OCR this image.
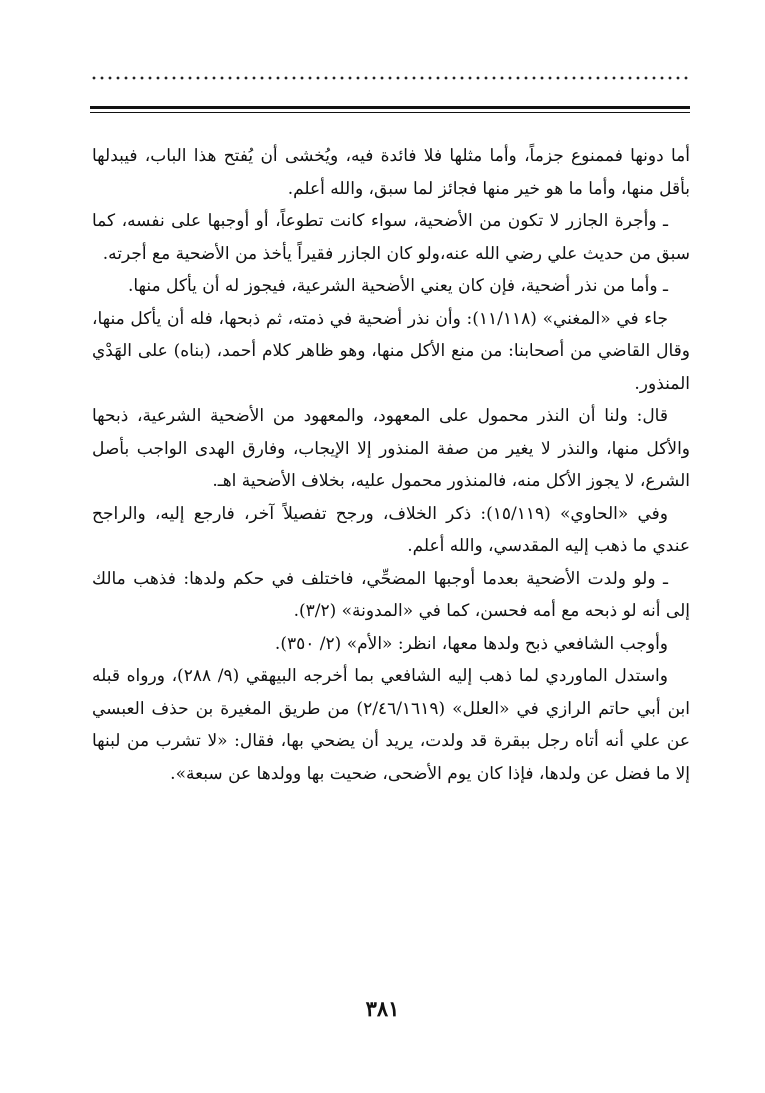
أما دونها فممنوع جزماً، وأما مثلها فلا فائدة فيه، ويُخشى أن يُفتح هذا الباب، فيبدلها بأقل منها، وأما ما هو خير منها فجائز لما سبق، والله أعلم.

ـ وأجرة الجازر لا تكون من الأضحية، سواء كانت تطوعاً، أو أوجبها على نفسه، كما سبق من حديث علي رضي الله عنه،ولو كان الجازر فقيراً يأخذ من الأضحية مع أجرته.

ـ وأما من نذر أضحية، فإن كان يعني الأضحية الشرعية، فيجوز له أن يأكل منها.

جاء في «المغني» (١١/١١٨): وأن نذر أضحية في ذمته، ثم ذبحها، فله أن يأكل منها، وقال القاضي من أصحابنا: من منع الأكل منها، وهو ظاهر كلام أحمد، (بناه) على الهَدْي المنذور.

قال: ولنا أن النذر محمول على المعهود، والمعهود من الأضحية الشرعية، ذبحها والأكل منها، والنذر لا يغير من صفة المنذور إلا الإيجاب، وفارق الهدى الواجب بأصل الشرع، لا يجوز الأكل منه، فالمنذور محمول عليه، بخلاف الأضحية اهـ.

وفي «الحاوي» (١٥/١١٩): ذكر الخلاف، ورجح تفصيلاً آخر، فارجع إليه، والراجح عندي ما ذهب إليه المقدسي، والله أعلم.

ـ ولو ولدت الأضحية بعدما أوجبها المضحِّي، فاختلف في حكم ولدها: فذهب مالك إلى أنه لو ذبحه مع أمه فحسن، كما في «المدونة» (٣/٢).

وأوجب الشافعي ذبح ولدها معها، انظر: «الأم» (٢/ ٣٥٠).

واستدل الماوردي لما ذهب إليه الشافعي بما أخرجه البيهقي (٩/ ٢٨٨)، ورواه قبله ابن أبي حاتم الرازي في «العلل» (٢/٤٦/١٦١٩) من طريق المغيرة بن حذف العبسي عن علي أنه أتاه رجل ببقرة قد ولدت، يريد أن يضحي بها، فقال: «لا تشرب من لبنها إلا ما فضل عن ولدها، فإذا كان يوم الأضحى، ضحيت بها وولدها عن سبعة».

٣٨١
